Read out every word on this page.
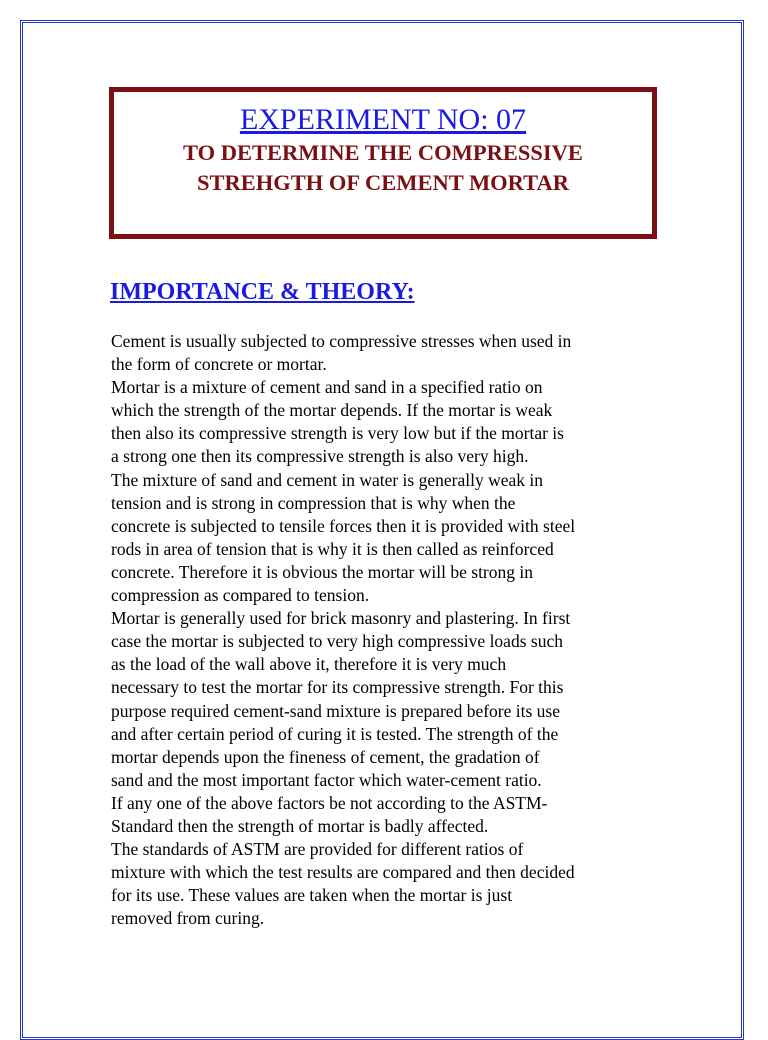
EXPERIMENT NO: 07
TO DETERMINE THE COMPRESSIVE
STREHGTH OF CEMENT MORTAR
IMPORTANCE & THEORY:

Cement is usually subjected to compressive stresses when used in
the form of concrete or mortar.

Mortar is a mixture of cement and sand in a specified ratio on
which the strength of the mortar depends. If the mortar is weak
then also its compressive strength is very low but if the mortar is
a strong one then its compressive strength is also very high.

The mixture of sand and cement in water is generally weak in
tension and is strong in compression that is why when the
concrete is subjected to tensile forces then it is provided with steel
rods in area of tension that is why it is then called as reinforced
concrete. Therefore it is obvious the mortar will be strong in
compression as compared to tension.

Mortar is generally used for brick masonry and plastering. In first
case the mortar is subjected to very high compressive loads such
as the load of the wall above it, therefore it is very much
necessary to test the mortar for its compressive strength. For this
purpose required cement-sand mixture is prepared before its use
and after certain period of curing it is tested. The strength of the
mortar depends upon the fineness of cement, the gradation of
sand and the most important factor which water-cement ratio.

If any one of the above factors be not according to the ASTM-
Standard then the strength of mortar is badly affected.

The standards of ASTM are provided for different ratios of
mixture with which the test results are compared and then decided
for its use. These values are taken when the mortar is just
removed from curing.
